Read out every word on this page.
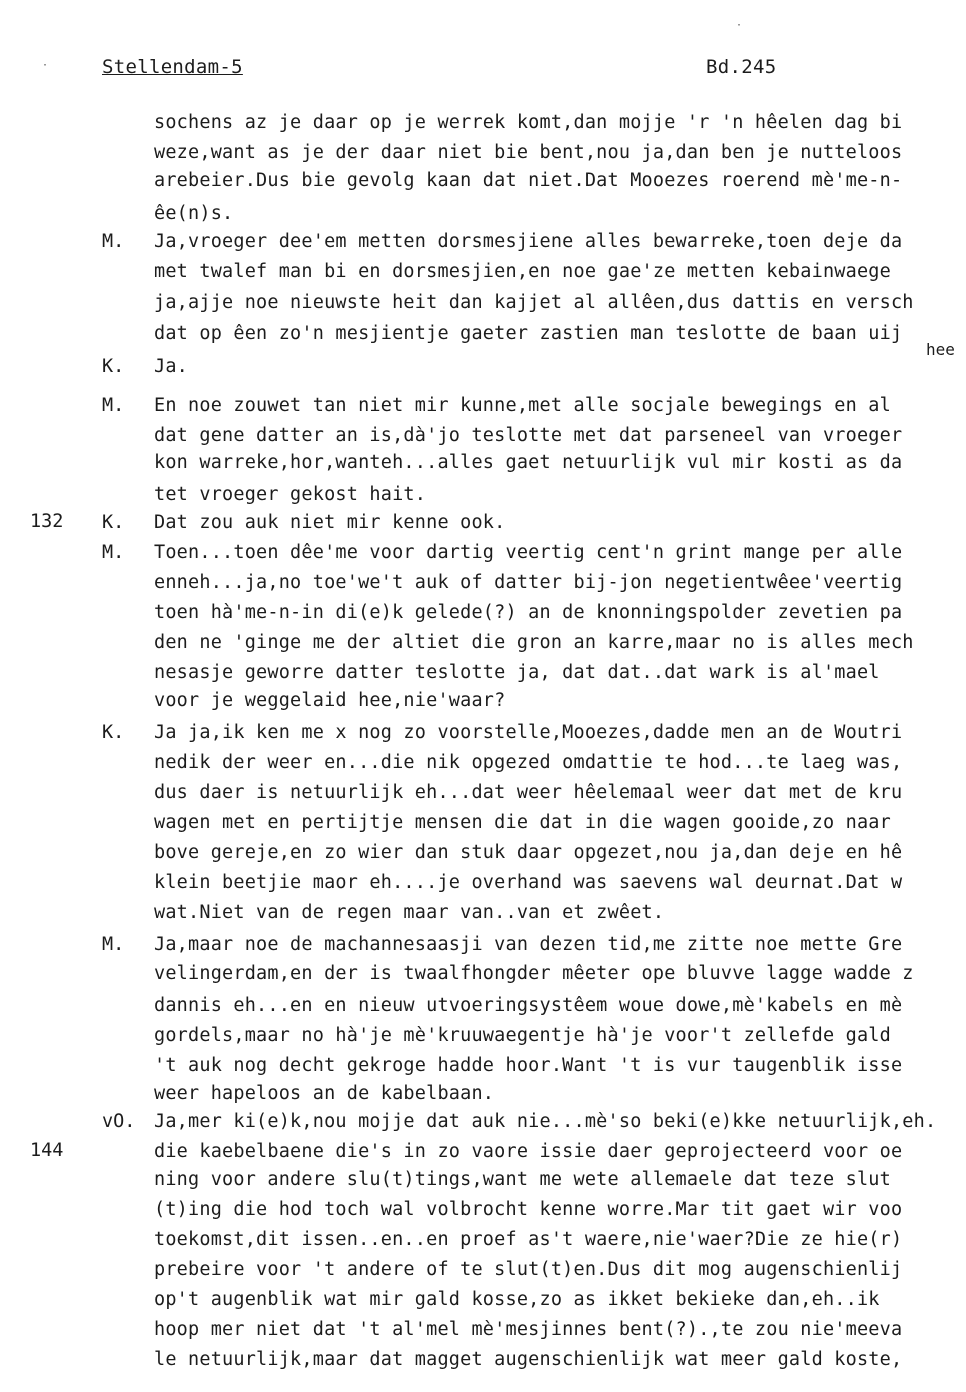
Stellendam-5	Bd.245
·
·
132
144
hee
sochens az je daar op je werrek komt,dan mojje 'r 'n hêelen dag bi
weze,want as je der daar niet bie bent,nou ja,dan ben je nutteloos
arebeier.Dus bie gevolg kaan dat niet.Dat Mooezes roerend mè'me-n-
êe(n)s.
M. Ja,vroeger dee'em metten dorsmesjiene alles bewarreke,toen deje da
met twalef man bi en dorsmesjien,en noe gae'ze metten kebainwaege
ja,ajje noe nieuwste heit dan kajjet al allêen,dus dattis en versch
dat op êen zo'n mesjientje gaeter zastien man teslotte de baan uij
K. Ja.
M. En noe zouwet tan niet mir kunne,met alle socjale bewegings en al
dat gene datter an is,dà'jo teslotte met dat parseneel van vroeger
kon warreke,hor,wanteh...alles gaet netuurlijk vul mir kosti as da
tet vroeger gekost hait.
K. Dat zou auk niet mir kenne ook.
M. Toen...toen dêe'me voor dartig veertig cent'n grint mange per alle
enneh...ja,no toe'we't auk of datter bij-jon negetientwêee'veertig
toen hà'me-n-in di(e)k gelede(?) an de knonningspolder zevetien pa
den ne 'ginge me der altiet die gron an karre,maar no is alles mech
nesasje geworre datter teslotte ja, dat dat..dat wark is al'mael
voor je weggelaid hee,nie'waar?
K. Ja ja,ik ken me x nog zo voorstelle,Mooezes,dadde men an de Woutri
nedik der weer en...die nik opgezed omdattie te hod...te laeg was,
dus daer is netuurlijk eh...dat weer hêelemaal weer dat met de kru
wagen met en pertijtje mensen die dat in die wagen gooide,zo naar
bove gereje,en zo wier dan stuk daar opgezet,nou ja,dan deje en hê
klein beetjie maor eh....je overhand was saevens wal deurnat.Dat w
wat.Niet van de regen maar van..van et zwêet.
M. Ja,maar noe de machannesaasji van dezen tid,me zitte noe mette Gre
velingerdam,en der is twaalfhongder mêeter ope bluvve lagge wadde z
dannis eh...en en nieuw utvoeringsystêem woue dowe,mè'kabels en mè
gordels,maar no hà'je mè'kruuwaegentje hà'je voor't zellefde gald
't auk nog decht gekroge hadde hoor.Want 't is vur taugenblik isse
weer hapeloos an de kabelbaan.
vO. Ja,mer ki(e)k,nou mojje dat auk nie...mè'so beki(e)kke netuurlijk,eh.
die kaebelbaene die's in zo vaore issie daer geprojecteerd voor oe
ning voor andere slu(t)tings,want me wete allemaele dat teze slut
(t)ing die hod toch wal volbrocht kenne worre.Mar tit gaet wir voo
toekomst,dit issen..en..en proef as't waere,nie'waer?Die ze hie(r)
prebeire voor 't andere of te slut(t)en.Dus dit mog augenschienlij
op't augenblik wat mir gald kosse,zo as ikket bekieke dan,eh..ik
hoop mer niet dat 't al'mel mè'mesjinnes bent(?).,te zou nie'meeva
le netuurlijk,maar dat magget augenschienlijk wat meer gald koste,
